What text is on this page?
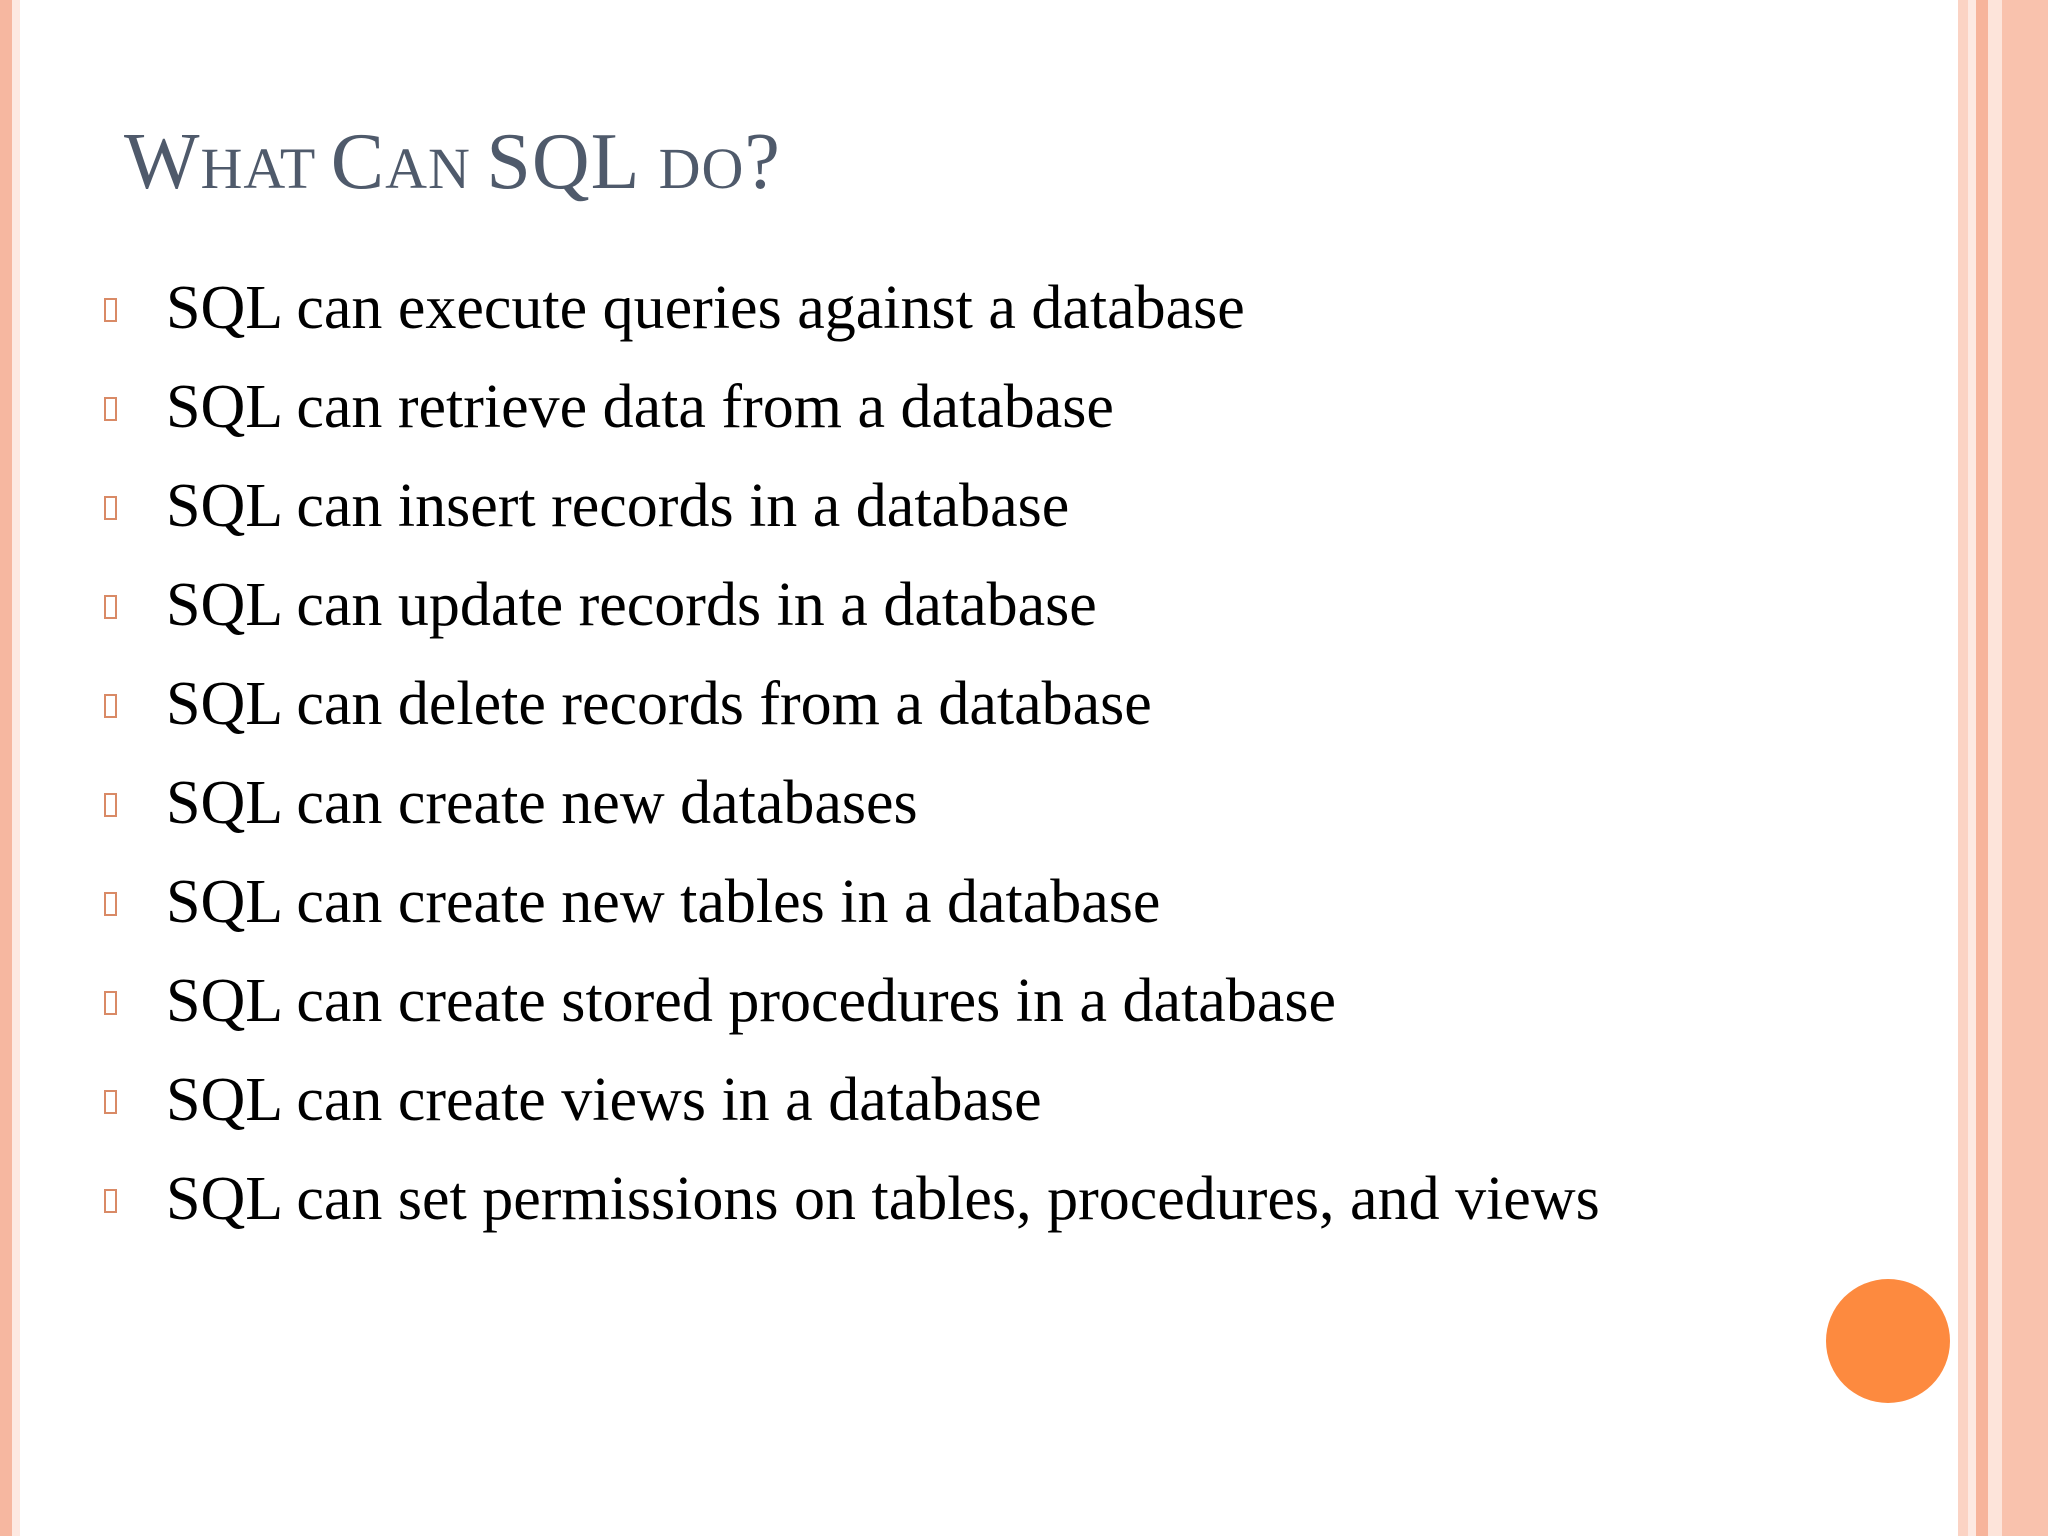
WHAT CAN SQL DO?
SQL can execute queries against a database
SQL can retrieve data from a database
SQL can insert records in a database
SQL can update records in a database
SQL can delete records from a database
SQL can create new databases
SQL can create new tables in a database
SQL can create stored procedures in a database
SQL can create views in a database
SQL can set permissions on tables, procedures, and views
